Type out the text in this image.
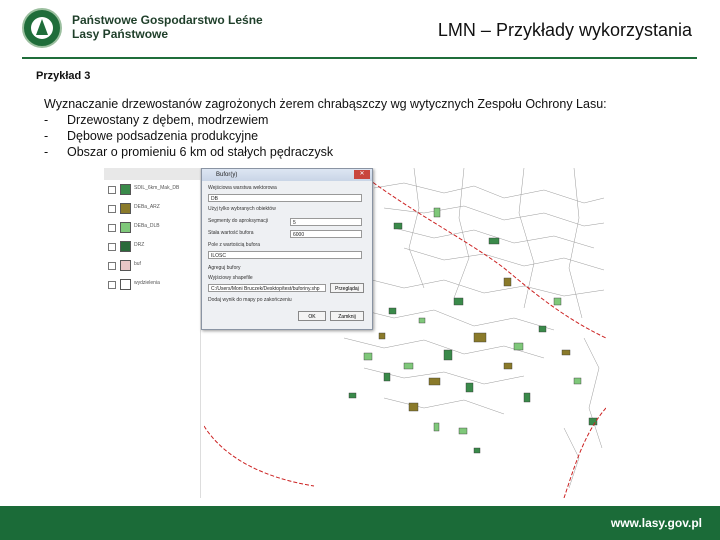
Państwowe Gospodarstwo Leśne
Lasy Państwowe	LMN – Przykłady wykorzystania
Przykład 3
Wyznaczanie drzewostanów zagrożonych żerem chrabąszczy wg wytycznych Zespołu Ochrony Lasu:
- Drzewostany z dębem, modrzewiem
- Dębowe podsadzenia produkcyjne
- Obszar o promieniu 6 km od stałych pędraczysk
SDIL_6km_Mak_DB
DEBa_ARZ
DEBa_DLB
DRZ
buf
wydzielenia
Bufor(y)	✕
Wejściowa warstwa wektorowa
DB
Użyj tylko wybranych obiektów
Segmenty do aproksymacji	5
Stała wartość bufora	6000
Pole z wartością bufora
ILOSC
Agreguj bufory
Wyjściowy shapefile
C:/Users/Moni Bruczek/Desktop/test/buforiny.shp	Przeglądaj
Dodaj wynik do mapy po zakończeniu
OK	Zamknij
www.lasy.gov.pl
